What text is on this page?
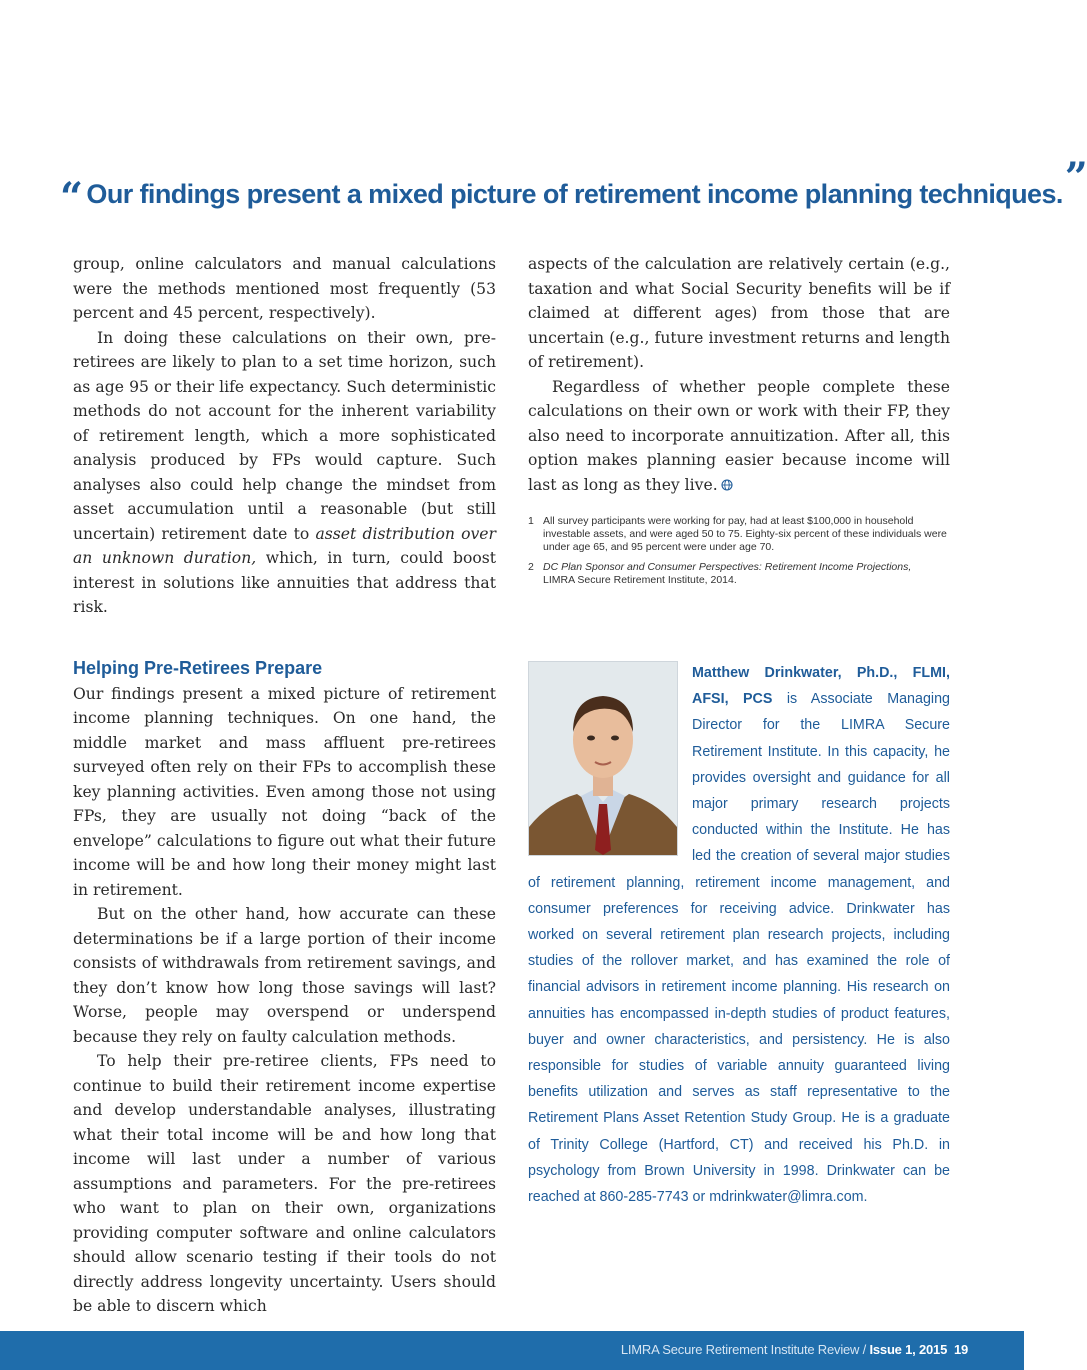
“ Our findings present a mixed picture of retirement income planning techniques.”

group, online calculators and manual calculations were the methods mentioned most frequently (53 percent and 45 percent, respectively).

In doing these calculations on their own, pre-retirees are likely to plan to a set time horizon, such as age 95 or their life expectancy. Such deterministic methods do not account for the inherent variability of retirement length, which a more sophisticated analysis produced by FPs would capture. Such analyses also could help change the mindset from asset accumulation until a reasonable (but still uncertain) retirement date to asset distribution over an unknown duration, which, in turn, could boost interest in solutions like annuities that address that risk.

Helping Pre-Retirees Prepare

Our findings present a mixed picture of retirement income planning techniques. On one hand, the middle market and mass affluent pre-retirees surveyed often rely on their FPs to accomplish these key planning activities. Even among those not using FPs, they are usually not doing “back of the envelope” calculations to figure out what their future income will be and how long their money might last in retirement.

But on the other hand, how accurate can these determinations be if a large portion of their income consists of withdrawals from retirement savings, and they don’t know how long those savings will last? Worse, people may overspend or underspend because they rely on faulty calculation methods.

To help their pre-retiree clients, FPs need to continue to build their retirement income expertise and develop understandable analyses, illustrating what their total income will be and how long that income will last under a number of various assumptions and parameters. For the pre-retirees who want to plan on their own, organizations providing computer software and online calculators should allow scenario testing if their tools do not directly address longevity uncertainty. Users should be able to discern which

aspects of the calculation are relatively certain (e.g., taxation and what Social Security benefits will be if claimed at different ages) from those that are uncertain (e.g., future investment returns and length of retirement).

Regardless of whether people complete these calculations on their own or work with their FP, they also need to incorporate annuitization. After all, this option makes planning easier because income will last as long as they live.

1 All survey participants were working for pay, had at least $100,000 in household investable assets, and were aged 50 to 75. Eighty-six percent of these individuals were under age 65, and 95 percent were under age 70.
2 DC Plan Sponsor and Consumer Perspectives: Retirement Income Projections,
LIMRA Secure Retirement Institute, 2014.
Matthew Drinkwater, Ph.D., FLMI, AFSI, PCS is Associate Managing Director for the LIMRA Secure Retirement Institute. In this capacity, he provides oversight and guidance for all major primary research projects conducted within the Institute. He has led the creation of several major studies of retirement planning, retirement income management, and consumer preferences for receiving advice. Drinkwater has worked on several retirement plan research projects, including studies of the rollover market, and has examined the role of financial advisors in retirement income planning. His research on annuities has encompassed in-depth studies of product features, buyer and owner characteristics, and persistency. He is also responsible for studies of variable annuity guaranteed living benefits utilization and serves as staff representative to the Retirement Plans Asset Retention Study Group. He is a graduate of Trinity College (Hartford, CT) and received his Ph.D. in psychology from Brown University in 1998. Drinkwater can be reached at 860-285-7743 or mdrinkwater@limra.com.
LIMRA Secure Retirement Institute Review / Issue 1, 2015 19
